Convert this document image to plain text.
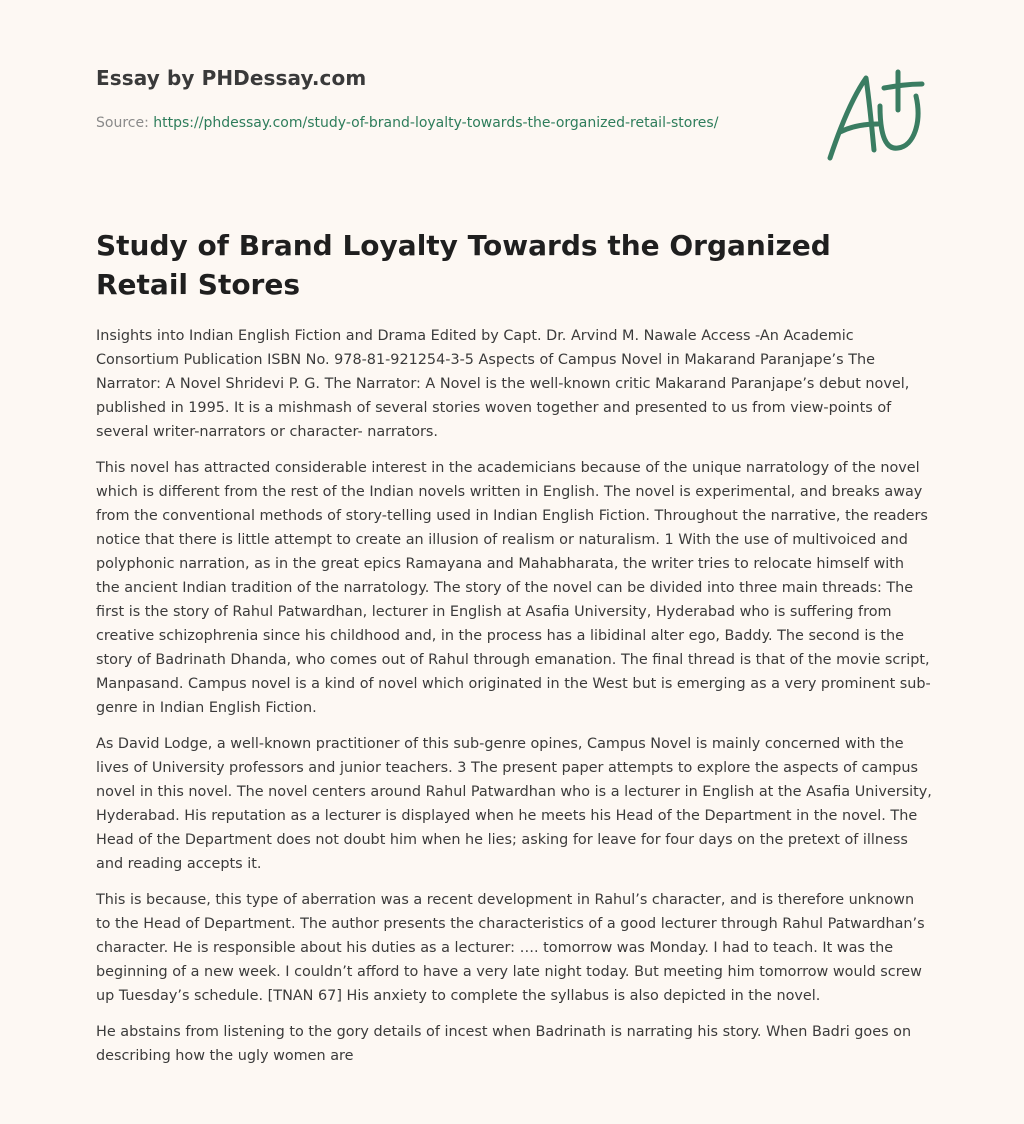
Essay by PHDessay.com
Source: https://phdessay.com/study-of-brand-loyalty-towards-the-organized-retail-stores/
Study of Brand Loyalty Towards the Organized Retail Stores

Insights into Indian English Fiction and Drama Edited by Capt. Dr. Arvind M. Nawale Access -An Academic Consortium Publication ISBN No. 978-81-921254-3-5 Aspects of Campus Novel in Makarand Paranjape’s The Narrator: A Novel Shridevi P. G. The Narrator: A Novel is the well-known critic Makarand Paranjape’s debut novel, published in 1995. It is a mishmash of several stories woven together and presented to us from view-points of several writer-narrators or character- narrators.

This novel has attracted considerable interest in the academicians because of the unique narratology of the novel which is different from the rest of the Indian novels written in English. The novel is experimental, and breaks away from the conventional methods of story-telling used in Indian English Fiction. Throughout the narrative, the readers notice that there is little attempt to create an illusion of realism or naturalism. 1 With the use of multivoiced and polyphonic narration, as in the great epics Ramayana and Mahabharata, the writer tries to relocate himself with the ancient Indian tradition of the narratology. The story of the novel can be divided into three main threads: The first is the story of Rahul Patwardhan, lecturer in English at Asafia University, Hyderabad who is suffering from creative schizophrenia since his childhood and, in the process has a libidinal alter ego, Baddy. The second is the story of Badrinath Dhanda, who comes out of Rahul through emanation. The final thread is that of the movie script, Manpasand. Campus novel is a kind of novel which originated in the West but is emerging as a very prominent sub-genre in Indian English Fiction.

As David Lodge, a well-known practitioner of this sub-genre opines, Campus Novel is mainly concerned with the lives of University professors and junior teachers. 3 The present paper attempts to explore the aspects of campus novel in this novel. The novel centers around Rahul Patwardhan who is a lecturer in English at the Asafia University, Hyderabad. His reputation as a lecturer is displayed when he meets his Head of the Department in the novel. The Head of the Department does not doubt him when he lies; asking for leave for four days on the pretext of illness and reading accepts it.

This is because, this type of aberration was a recent development in Rahul’s character, and is therefore unknown to the Head of Department. The author presents the characteristics of a good lecturer through Rahul Patwardhan’s character. He is responsible about his duties as a lecturer: …. tomorrow was Monday. I had to teach. It was the beginning of a new week. I couldn’t afford to have a very late night today. But meeting him tomorrow would screw up Tuesday’s schedule. [TNAN 67] His anxiety to complete the syllabus is also depicted in the novel.

He abstains from listening to the gory details of incest when Badrinath is narrating his story. When Badri goes on describing how the ugly women are
